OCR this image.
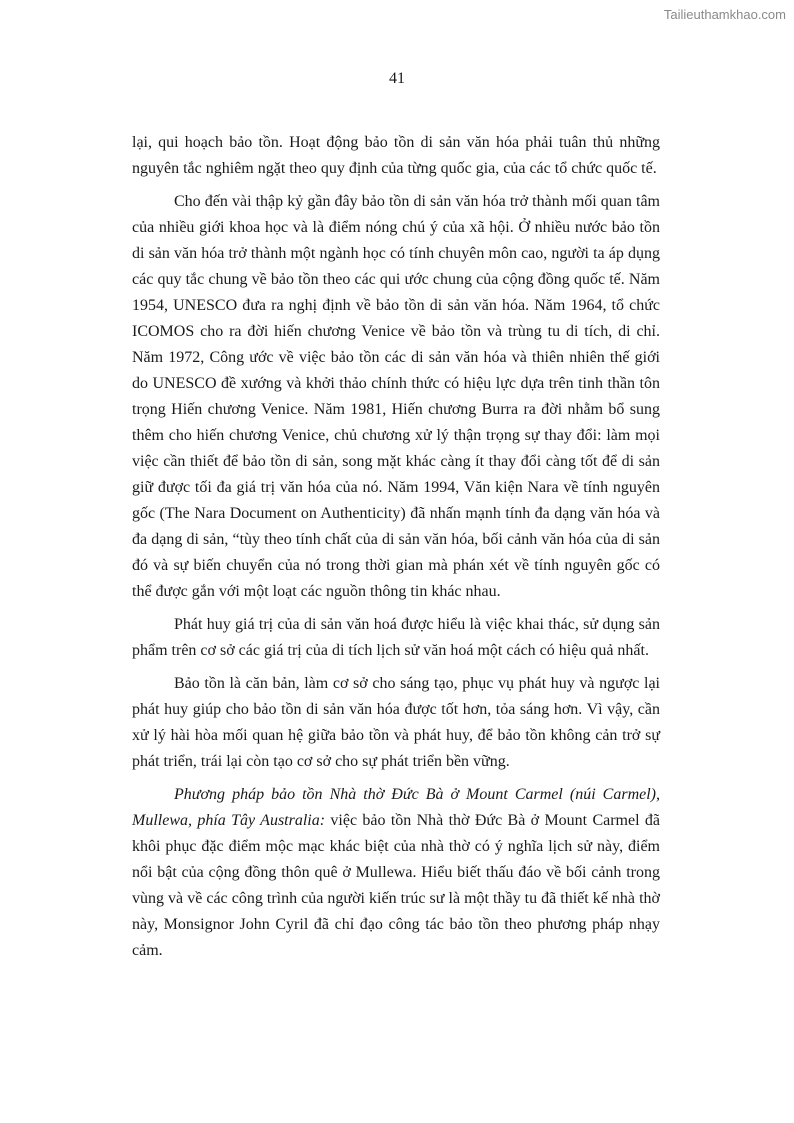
Tailieuthamkhao.com
41

lại, qui hoạch bảo tồn. Hoạt động bảo tồn di sản văn hóa phải tuân thủ những nguyên tắc nghiêm ngặt theo quy định của từng quốc gia, của các tổ chức quốc tế.

Cho đến vài thập kỷ gần đây bảo tồn di sản văn hóa trở thành mối quan tâm của nhiều giới khoa học và là điểm nóng chú ý của xã hội. Ở nhiều nước bảo tồn di sản văn hóa trở thành một ngành học có tính chuyên môn cao, người ta áp dụng các quy tắc chung về bảo tồn theo các qui ước chung của cộng đồng quốc tế. Năm 1954, UNESCO đưa ra nghị định về bảo tồn di sản văn hóa. Năm 1964, tổ chức ICOMOS cho ra đời hiến chương Venice về bảo tồn và trùng tu di tích, di chỉ. Năm 1972, Công ước về việc bảo tồn các di sản văn hóa và thiên nhiên thế giới do UNESCO đề xướng và khởi thảo chính thức có hiệu lực dựa trên tinh thần tôn trọng Hiến chương Venice. Năm 1981, Hiến chương Burra ra đời nhằm bổ sung thêm cho hiến chương Venice, chủ chương xử lý thận trọng sự thay đổi: làm mọi việc cần thiết để bảo tồn di sản, song mặt khác càng ít thay đổi càng tốt để di sản giữ được tối đa giá trị văn hóa của nó. Năm 1994, Văn kiện Nara về tính nguyên gốc (The Nara Document on Authenticity) đã nhấn mạnh tính đa dạng văn hóa và đa dạng di sản, “tùy theo tính chất của di sản văn hóa, bối cảnh văn hóa của di sản đó và sự biến chuyển của nó trong thời gian mà phán xét về tính nguyên gốc có thể được gắn với một loạt các nguồn thông tin khác nhau.

Phát huy giá trị của di sản văn hoá được hiểu là việc khai thác, sử dụng sản phẩm trên cơ sở các giá trị của di tích lịch sử văn hoá một cách có hiệu quả nhất.

Bảo tồn là căn bản, làm cơ sở cho sáng tạo, phục vụ phát huy và ngược lại phát huy giúp cho bảo tồn di sản văn hóa được tốt hơn, tỏa sáng hơn. Vì vậy, cần xử lý hài hòa mối quan hệ giữa bảo tồn và phát huy, để bảo tồn không cản trở sự phát triển, trái lại còn tạo cơ sở cho sự phát triển bền vững.

Phương pháp bảo tồn Nhà thờ Đức Bà ở Mount Carmel (núi Carmel), Mullewa, phía Tây Australia: việc bảo tồn Nhà thờ Đức Bà ở Mount Carmel đã khôi phục đặc điểm mộc mạc khác biệt của nhà thờ có ý nghĩa lịch sử này, điểm nổi bật của cộng đồng thôn quê ở Mullewa. Hiểu biết thấu đáo về bối cảnh trong vùng và về các công trình của người kiến trúc sư là một thầy tu đã thiết kế nhà thờ này, Monsignor John Cyril đã chỉ đạo công tác bảo tồn theo phương pháp nhạy cảm.
